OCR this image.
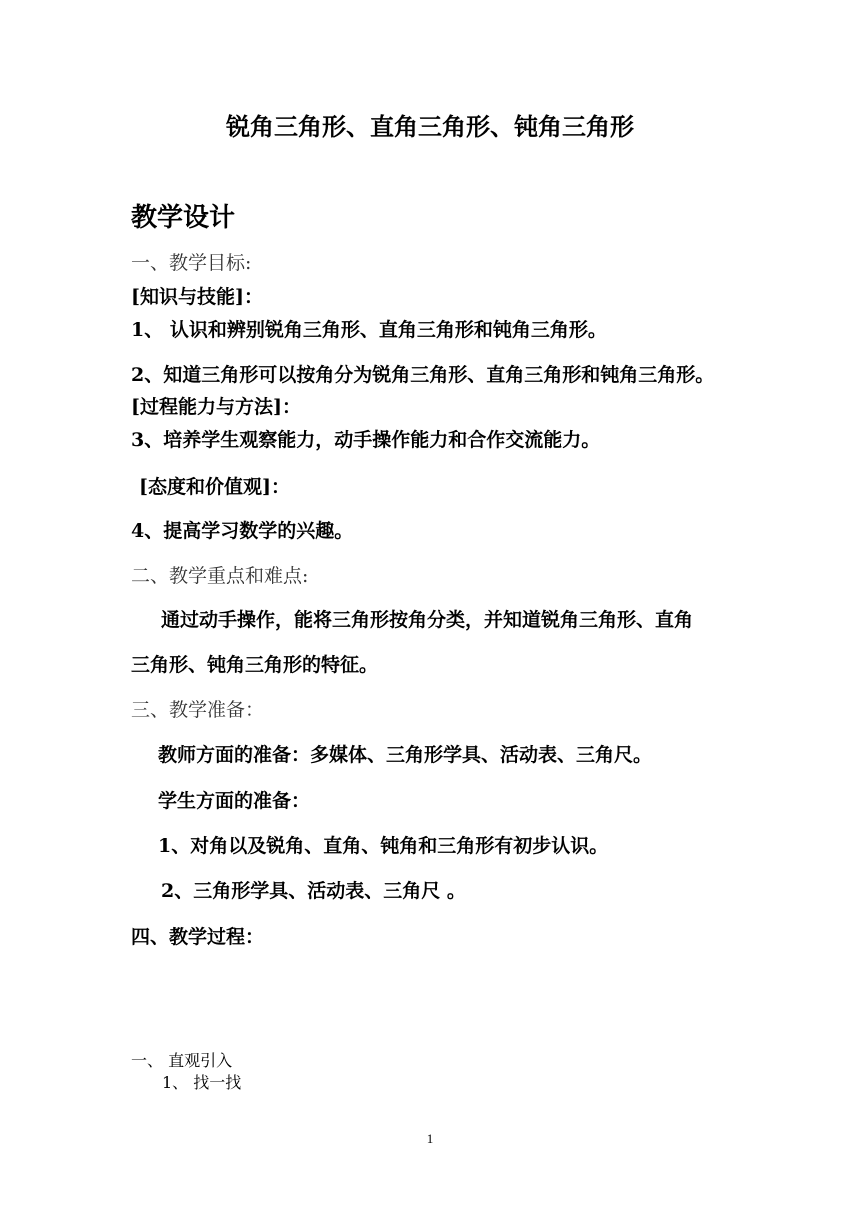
锐角三角形、直角三角形、钝角三角形
教学设计
一、教学目标:
[知识与技能]：
1、 认识和辨别锐角三角形、直角三角形和钝角三角形。
2、知道三角形可以按角分为锐角三角形、直角三角形和钝角三角形。
[过程能力与方法]：
3、培养学生观察能力，动手操作能力和合作交流能力。
[态度和价值观]：
4、提高学习数学的兴趣。
二、教学重点和难点:
通过动手操作，能将三角形按角分类，并知道锐角三角形、直角
三角形、钝角三角形的特征。
三、教学准备：
教师方面的准备：多媒体、三角形学具、活动表、三角尺。
学生方面的准备：
1、对角以及锐角、直角、钝角和三角形有初步认识。
2、三角形学具、活动表、三角尺 。
四、教学过程：
一、 直观引入
1、 找一找
1
